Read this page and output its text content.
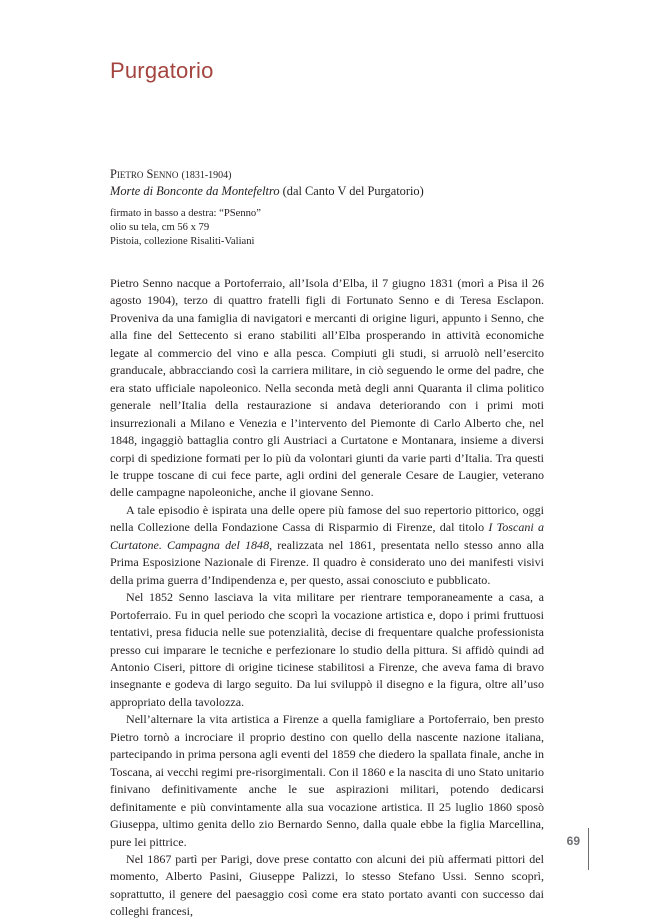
Purgatorio
Pietro Senno (1831-1904)
Morte di Bonconte da Montefeltro (dal Canto V del Purgatorio)
firmato in basso a destra: “PSenno”
olio su tela, cm 56 x 79
Pistoia, collezione Risaliti-Valiani

Pietro Senno nacque a Portoferraio, all’Isola d’Elba, il 7 giugno 1831 (morì a Pisa il 26 agosto 1904), terzo di quattro fratelli figli di Fortunato Senno e di Teresa Esclapon. Proveniva da una famiglia di navigatori e mercanti di origine liguri, appunto i Senno, che alla fine del Settecento si erano stabiliti all’Elba prosperando in attività economiche legate al commercio del vino e alla pesca. Compiuti gli studi, si arruolò nell’esercito granducale, abbracciando così la carriera militare, in ciò seguendo le orme del padre, che era stato ufficiale napoleonico. Nella seconda metà degli anni Quaranta il clima politico generale nell’Italia della restaurazione si andava deteriorando con i primi moti insurrezionali a Milano e Venezia e l’intervento del Piemonte di Carlo Alberto che, nel 1848, ingaggiò battaglia contro gli Austriaci a Curtatone e Montanara, insieme a diversi corpi di spedizione formati per lo più da volontari giunti da varie parti d’Italia. Tra questi le truppe toscane di cui fece parte, agli ordini del generale Cesare de Laugier, veterano delle campagne napoleoniche, anche il giovane Senno.

A tale episodio è ispirata una delle opere più famose del suo repertorio pittorico, oggi nella Collezione della Fondazione Cassa di Risparmio di Firenze, dal titolo I Toscani a Curtatone. Campagna del 1848, realizzata nel 1861, presentata nello stesso anno alla Prima Esposizione Nazionale di Firenze. Il quadro è considerato uno dei manifesti visivi della prima guerra d’Indipendenza e, per questo, assai conosciuto e pubblicato.

Nel 1852 Senno lasciava la vita militare per rientrare temporaneamente a casa, a Portoferraio. Fu in quel periodo che scoprì la vocazione artistica e, dopo i primi fruttuosi tentativi, presa fiducia nelle sue potenzialità, decise di frequentare qualche professionista presso cui imparare le tecniche e perfezionare lo studio della pittura. Si affidò quindi ad Antonio Ciseri, pittore di origine ticinese stabilitosi a Firenze, che aveva fama di bravo insegnante e godeva di largo seguito. Da lui sviluppò il disegno e la figura, oltre all’uso appropriato della tavolozza.

Nell’alternare la vita artistica a Firenze a quella famigliare a Portoferraio, ben presto Pietro tornò a incrociare il proprio destino con quello della nascente nazione italiana, partecipando in prima persona agli eventi del 1859 che diedero la spallata finale, anche in Toscana, ai vecchi regimi pre-risorgimentali. Con il 1860 e la nascita di uno Stato unitario finivano definitivamente anche le sue aspirazioni militari, potendo dedicarsi definitamente e più convintamente alla sua vocazione artistica. Il 25 luglio 1860 sposò Giuseppa, ultimo genita dello zio Bernardo Senno, dalla quale ebbe la figlia Marcellina, pure lei pittrice.

Nel 1867 partì per Parigi, dove prese contatto con alcuni dei più affermati pittori del momento, Alberto Pasini, Giuseppe Palizzi, lo stesso Stefano Ussi. Senno scoprì, soprattutto, il genere del paesaggio così come era stato portato avanti con successo dai colleghi francesi,

69
